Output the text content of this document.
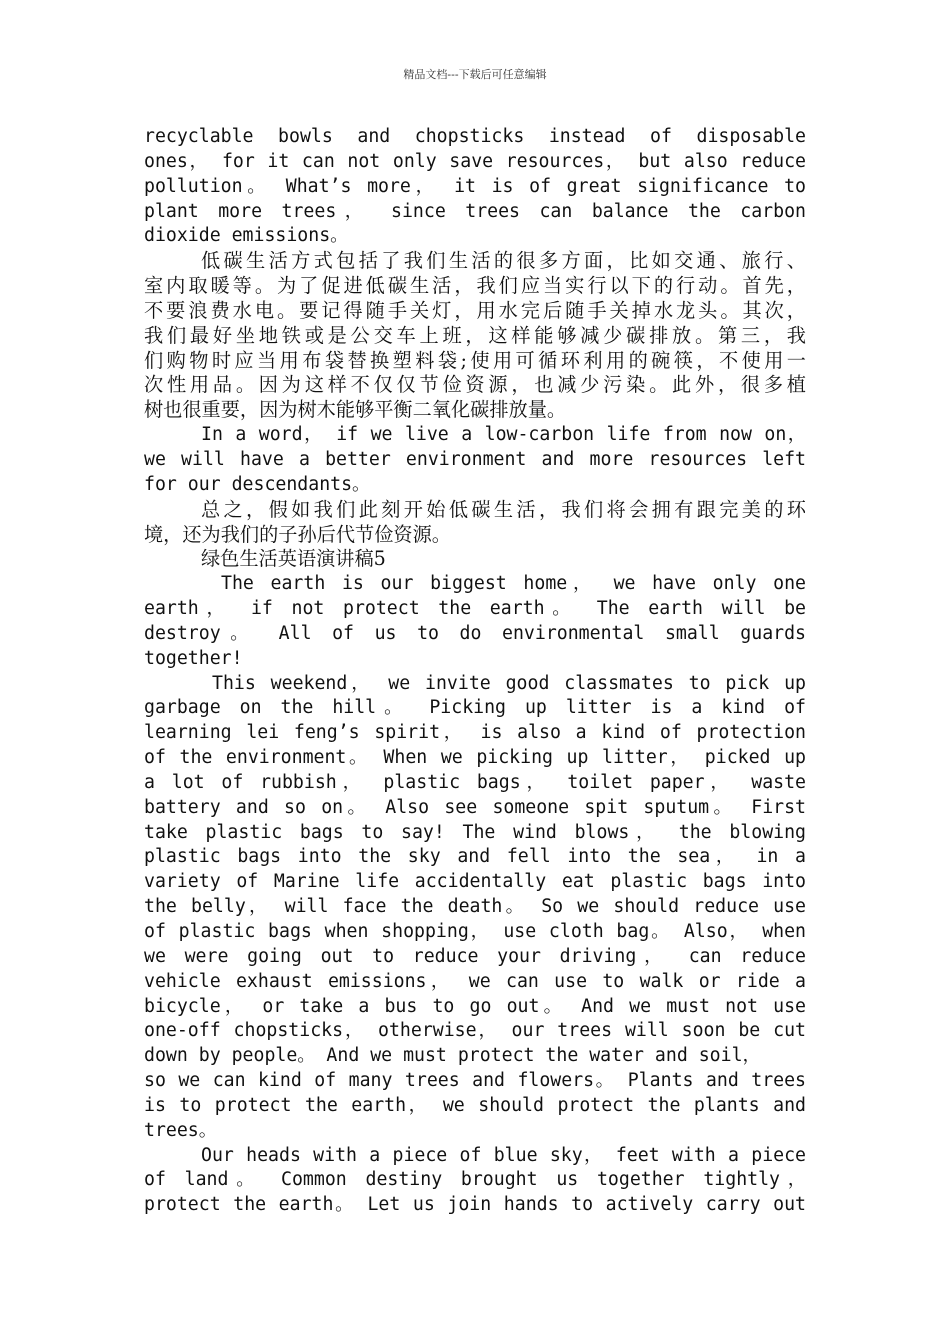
精品文档---下载后可任意编辑
recyclable bowls and chopsticks instead of disposable
ones， for it can not only save resources， but also reduce
pollution。 What’s more， it is of great significance to
plant more trees， since trees can balance the carbon
dioxide emissions。
低碳生活方式包括了我们生活的很多方面，比如交通、旅行、
室内取暖等。为了促进低碳生活，我们应当实行以下的行动。首先，
不要浪费水电。要记得随手关灯，用水完后随手关掉水龙头。其次，
我们最好坐地铁或是公交车上班，这样能够减少碳排放。第三，我
们购物时应当用布袋替换塑料袋;使用可循环利用的碗筷，不使用一
次性用品。因为这样不仅仅节俭资源，也减少污染。此外，很多植
树也很重要，因为树木能够平衡二氧化碳排放量。
In a word， if we live a low-carbon life from now on，
we will have a better environment and more resources left
for our descendants。
总之，假如我们此刻开始低碳生活，我们将会拥有跟完美的环
境，还为我们的子孙后代节俭资源。
绿色生活英语演讲稿5
The earth is our biggest home， we have only one
earth， if not protect the earth。 The earth will be
destroy。 All of us to do environmental small guards
together!
This weekend， we invite good classmates to pick up
garbage on the hill。 Picking up litter is a kind of
learning lei feng’s spirit， is also a kind of protection
of the environment。 When we picking up litter， picked up
a lot of rubbish， plastic bags， toilet paper， waste
battery and so on。 Also see someone spit sputum。 First
take plastic bags to say! The wind blows， the blowing
plastic bags into the sky and fell into the sea， in a
variety of Marine life accidentally eat plastic bags into
the belly， will face the death。 So we should reduce use
of plastic bags when shopping， use cloth bag。 Also， when
we were going out to reduce your driving， can reduce
vehicle exhaust emissions， we can use to walk or ride a
bicycle， or take a bus to go out。 And we must not use
one-off chopsticks， otherwise， our trees will soon be cut
down by people。 And we must protect the water and soil，
so we can kind of many trees and flowers。 Plants and trees
is to protect the earth， we should protect the plants and
trees。
Our heads with a piece of blue sky， feet with a piece
of land。 Common destiny brought us together tightly，
protect the earth。 Let us join hands to actively carry out
